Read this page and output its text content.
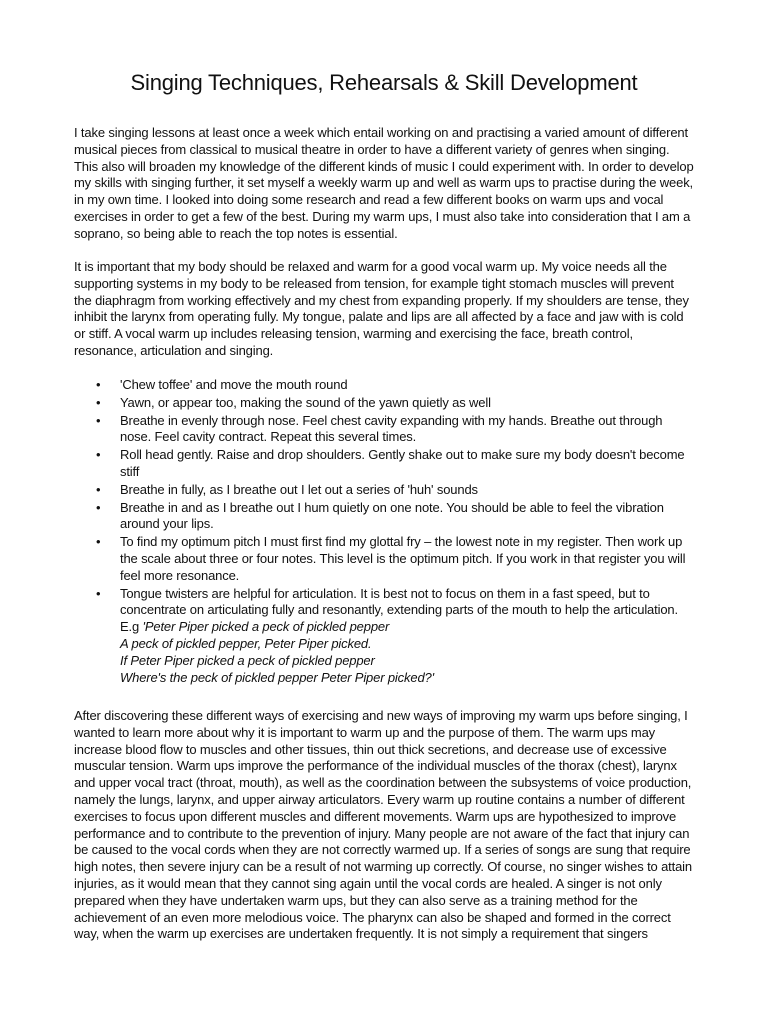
Singing Techniques, Rehearsals & Skill Development
I take singing lessons at least once a week which entail working on and practising a varied amount of different
musical pieces from classical to musical theatre in order to have a different variety of genres when singing.
This also will broaden my knowledge of the different kinds of music I could experiment with. In order to develop
my skills with singing further, it set myself a weekly warm up and well as warm ups to practise during the week,
in my own time. I looked into doing some research and read a few different books on warm ups and vocal
exercises in order to get a few of the best. During my warm ups, I must also take into consideration that I am a
soprano, so being able to reach the top notes is essential.
It is important that my body should be relaxed and warm for a good vocal warm up. My voice needs all the
supporting systems in my body to be released from tension, for example tight stomach muscles will prevent
the diaphragm from working effectively and my chest from expanding properly. If my shoulders are tense, they
inhibit the larynx from operating fully. My tongue, palate and lips are all affected by a face and jaw with is cold
or stiff. A vocal warm up includes releasing tension, warming and exercising the face, breath control,
resonance, articulation and singing.
• 'Chew toffee' and move the mouth round
• Yawn, or appear too, making the sound of the yawn quietly as well
• Breathe in evenly through nose. Feel chest cavity expanding with my hands. Breathe out through
nose. Feel cavity contract. Repeat this several times.
• Roll head gently. Raise and drop shoulders. Gently shake out to make sure my body doesn't become
stiff
• Breathe in fully, as I breathe out I let out a series of 'huh' sounds
• Breathe in and as I breathe out I hum quietly on one note. You should be able to feel the vibration
around your lips.
• To find my optimum pitch I must first find my glottal fry – the lowest note in my register. Then work up
the scale about three or four notes. This level is the optimum pitch. If you work in that register you will
feel more resonance.
• Tongue twisters are helpful for articulation. It is best not to focus on them in a fast speed, but to
concentrate on articulating fully and resonantly, extending parts of the mouth to help the articulation.
E.g 'Peter Piper picked a peck of pickled pepper
A peck of pickled pepper, Peter Piper picked.
If Peter Piper picked a peck of pickled pepper
Where's the peck of pickled pepper Peter Piper picked?'
After discovering these different ways of exercising and new ways of improving my warm ups before singing, I
wanted to learn more about why it is important to warm up and the purpose of them. The warm ups may
increase blood flow to muscles and other tissues, thin out thick secretions, and decrease use of excessive
muscular tension. Warm ups improve the performance of the individual muscles of the thorax (chest), larynx
and upper vocal tract (throat, mouth), as well as the coordination between the subsystems of voice production,
namely the lungs, larynx, and upper airway articulators. Every warm up routine contains a number of different
exercises to focus upon different muscles and different movements. Warm ups are hypothesized to improve
performance and to contribute to the prevention of injury. Many people are not aware of the fact that injury can
be caused to the vocal cords when they are not correctly warmed up. If a series of songs are sung that require
high notes, then severe injury can be a result of not warming up correctly. Of course, no singer wishes to attain
injuries, as it would mean that they cannot sing again until the vocal cords are healed. A singer is not only
prepared when they have undertaken warm ups, but they can also serve as a training method for the
achievement of an even more melodious voice. The pharynx can also be shaped and formed in the correct
way, when the warm up exercises are undertaken frequently. It is not simply a requirement that singers
